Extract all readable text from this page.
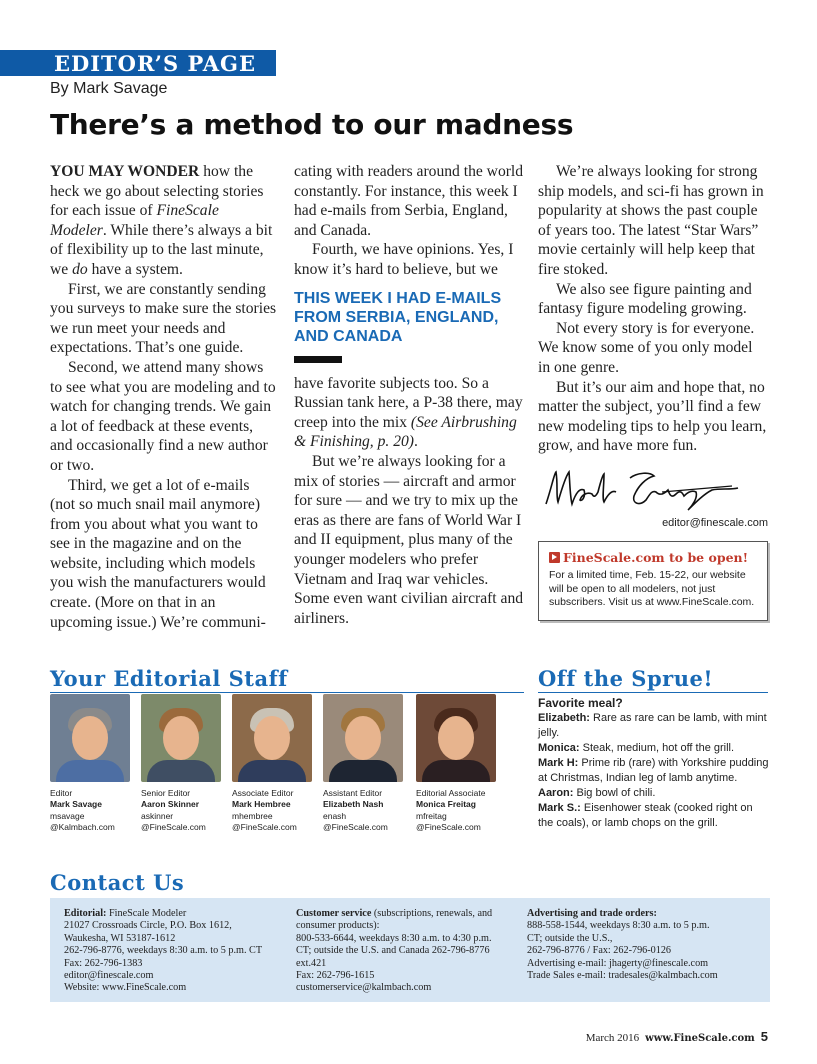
EDITOR’S PAGE
By Mark Savage
There’s a method to our madness

YOU MAY WONDER how the heck we go about selecting stories for each issue of FineScale Modeler. While there’s always a bit of flexibility up to the last minute, we do have a system.

First, we are constantly sending you surveys to make sure the stories we run meet your needs and expectations. That’s one guide.

Second, we attend many shows to see what you are modeling and to watch for changing trends. We gain a lot of feedback at these events, and occasionally find a new author or two.

Third, we get a lot of e-mails (not so much snail mail anymore) from you about what you want to see in the magazine and on the website, including which models you wish the manufacturers would create. (More on that in an upcoming issue.) We’re communi-

cating with readers around the world constantly. For instance, this week I had e-mails from Serbia, England, and Canada.

Fourth, we have opinions. Yes, I know it’s hard to believe, but we

THIS WEEK I HAD E-MAILS FROM SERBIA, ENGLAND, AND CANADA

have favorite subjects too. So a Russian tank here, a P-38 there, may creep into the mix (See Airbrushing & Finishing, p. 20).

But we’re always looking for a mix of stories — aircraft and armor for sure — and we try to mix up the eras as there are fans of World War I and II equipment, plus many of the younger modelers who prefer Vietnam and Iraq war vehicles. Some even want civilian aircraft and airliners.

We’re always looking for strong ship models, and sci-fi has grown in popularity at shows the past couple of years too. The latest “Star Wars” movie certainly will help keep that fire stoked.

We also see figure painting and fantasy figure modeling growing.

Not every story is for everyone. We know some of you only model in one genre.

But it’s our aim and hope that, no matter the subject, you’ll find a few new modeling tips to help you learn, grow, and have more fun.

editor@finescale.com
FineScale.com to be open!
For a limited time, Feb. 15-22, our website will be open to all modelers, not just subscribers. Visit us at www.FineScale.com.
Your Editorial Staff
Editor
Mark Savage
msavage
@Kalmbach.com
Senior Editor
Aaron Skinner
askinner
@FineScale.com
Associate Editor
Mark Hembree
mhembree
@FineScale.com
Assistant Editor
Elizabeth Nash
enash
@FineScale.com
Editorial Associate
Monica Freitag
mfreitag
@FineScale.com
Off the Sprue!
Favorite meal?
Elizabeth: Rare as rare can be lamb, with mint jelly.
Monica: Steak, medium, hot off the grill.
Mark H: Prime rib (rare) with Yorkshire pudding at Christmas, Indian leg of lamb anytime.
Aaron: Big bowl of chili.
Mark S.: Eisenhower steak (cooked right on the coals), or lamb chops on the grill.
Contact Us
Editorial: FineScale Modeler
21027 Crossroads Circle, P.O. Box 1612,
Waukesha, WI 53187-1612
262-796-8776, weekdays 8:30 a.m. to 5 p.m. CT
Fax: 262-796-1383
editor@finescale.com
Website: www.FineScale.com
Customer service (subscriptions, renewals, and
consumer products):
800-533-6644, weekdays 8:30 a.m. to 4:30 p.m.
CT; outside the U.S. and Canada 262-796-8776
ext.421
Fax: 262-796-1615
customerservice@kalmbach.com
Advertising and trade orders:
888-558-1544, weekdays 8:30 a.m. to 5 p.m.
CT; outside the U.S.,
262-796-8776 / Fax: 262-796-0126
Advertising e-mail: jhagerty@finescale.com
Trade Sales e-mail: tradesales@kalmbach.com
March 2016 www.FineScale.com 5
